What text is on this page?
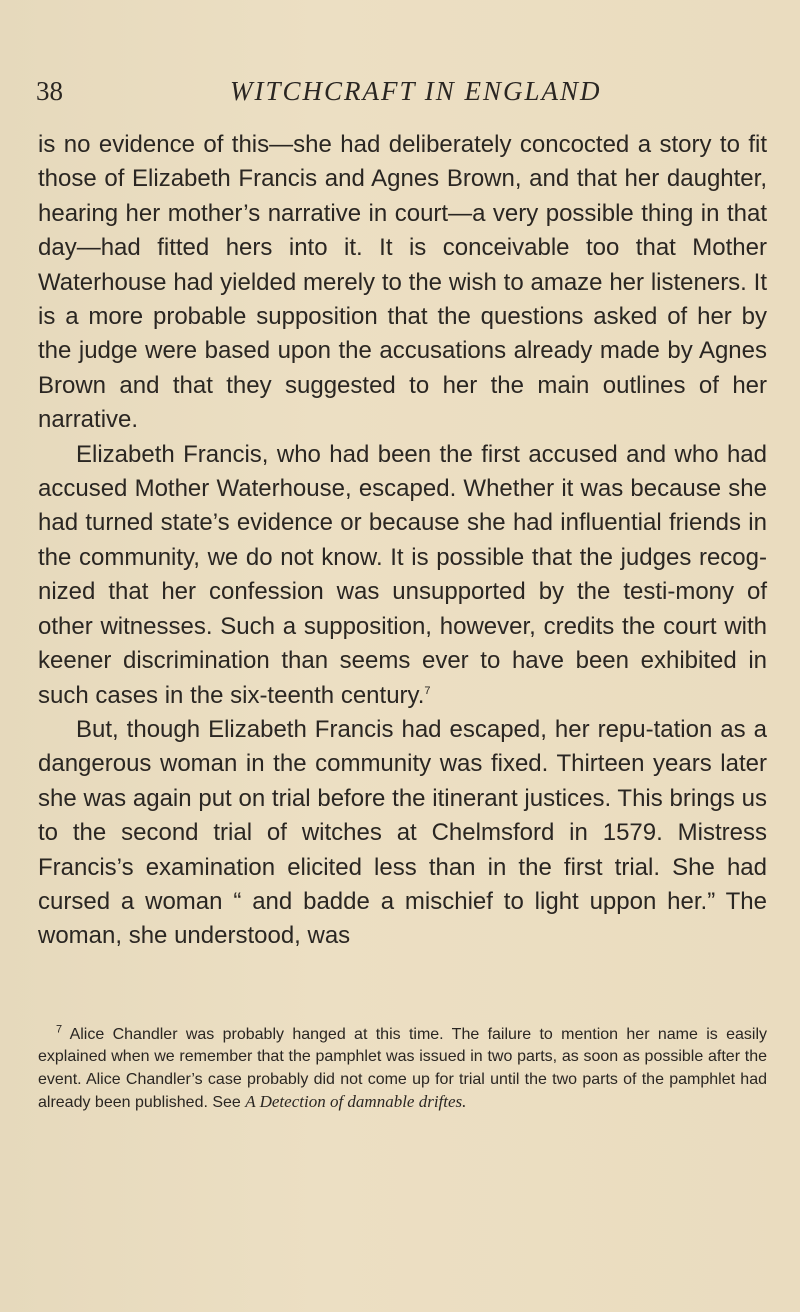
38	WITCHCRAFT IN ENGLAND

is no evidence of this—she had deliberately concocted a story to fit those of Elizabeth Francis and Agnes Brown, and that her daughter, hearing her mother’s narrative in court—a very possible thing in that day—had fitted hers into it. It is conceivable too that Mother Waterhouse had yielded merely to the wish to amaze her listeners. It is a more probable supposition that the questions asked of her by the judge were based upon the accusations already made by Agnes Brown and that they suggested to her the main outlines of her narrative.

Elizabeth Francis, who had been the first accused and who had accused Mother Waterhouse, escaped. Whether it was because she had turned state’s evidence or because she had influential friends in the community, we do not know. It is possible that the judges recog-nized that her confession was unsupported by the testi-mony of other witnesses. Such a supposition, however, credits the court with keener discrimination than seems ever to have been exhibited in such cases in the six-teenth century.$^7$

But, though Elizabeth Francis had escaped, her repu-tation as a dangerous woman in the community was fixed. Thirteen years later she was again put on trial before the itinerant justices. This brings us to the second trial of witches at Chelmsford in 1579. Mistress Francis’s examination elicited less than in the first trial. She had cursed a woman “ and badde a mischief to light uppon her.” The woman, she understood, was

$^7$ Alice Chandler was probably hanged at this time. The failure to mention her name is easily explained when we remember that the pamphlet was issued in two parts, as soon as possible after the event. Alice Chandler’s case probably did not come up for trial until the two parts of the pamphlet had already been published. See A Detection of damnable driftes.
